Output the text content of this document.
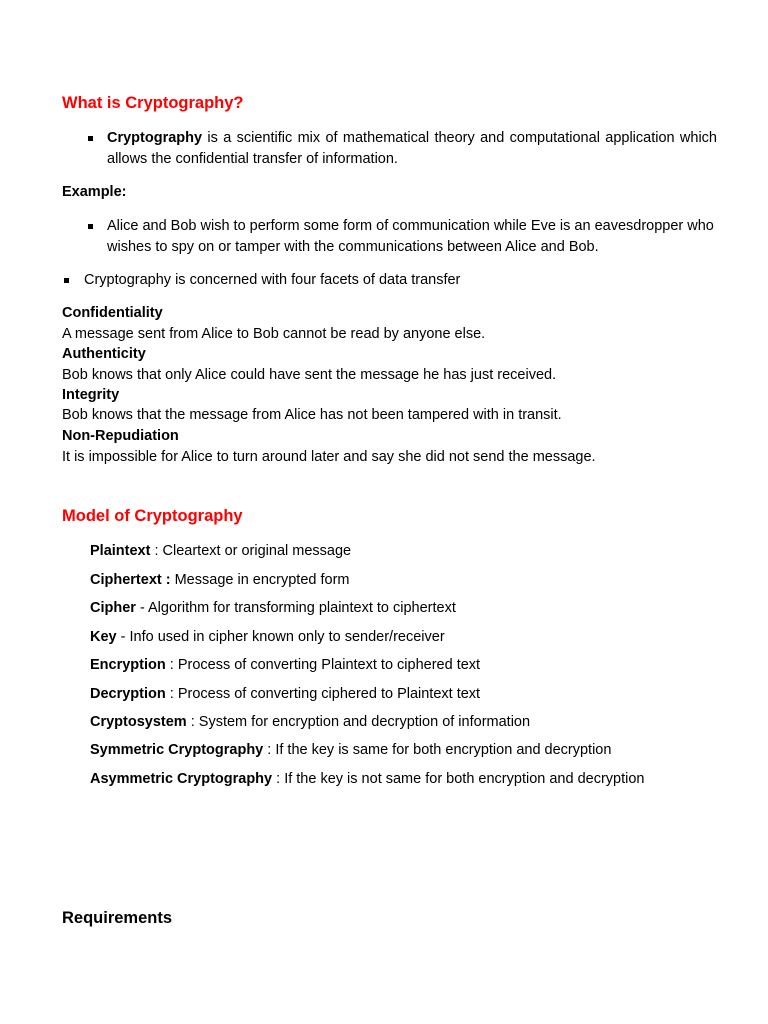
What is Cryptography?
Cryptography is a scientific mix of mathematical theory and computational application which allows the confidential transfer of information.
Example:
Alice and Bob wish to perform some form of communication while Eve is an eavesdropper who wishes to spy on or tamper with the communications between Alice and Bob.
Cryptography is concerned with four facets of data transfer
Confidentiality
A message sent from Alice to Bob cannot be read by anyone else.
Authenticity
Bob knows that only Alice could have sent the message he has just received.
Integrity
Bob knows that the message from Alice has not been tampered with in transit.
Non-Repudiation
It is impossible for Alice to turn around later and say she did not send the message.
Model of Cryptography
Plaintext : Cleartext or original message
Ciphertext : Message in encrypted form
Cipher - Algorithm for transforming plaintext to ciphertext
Key - Info used in cipher known only to sender/receiver
Encryption : Process of converting Plaintext to ciphered text
Decryption : Process of converting ciphered to Plaintext text
Cryptosystem : System for encryption and decryption of information
Symmetric Cryptography : If the key is same for both encryption and decryption
Asymmetric Cryptography : If the key is not same for both encryption and decryption
Requirements
